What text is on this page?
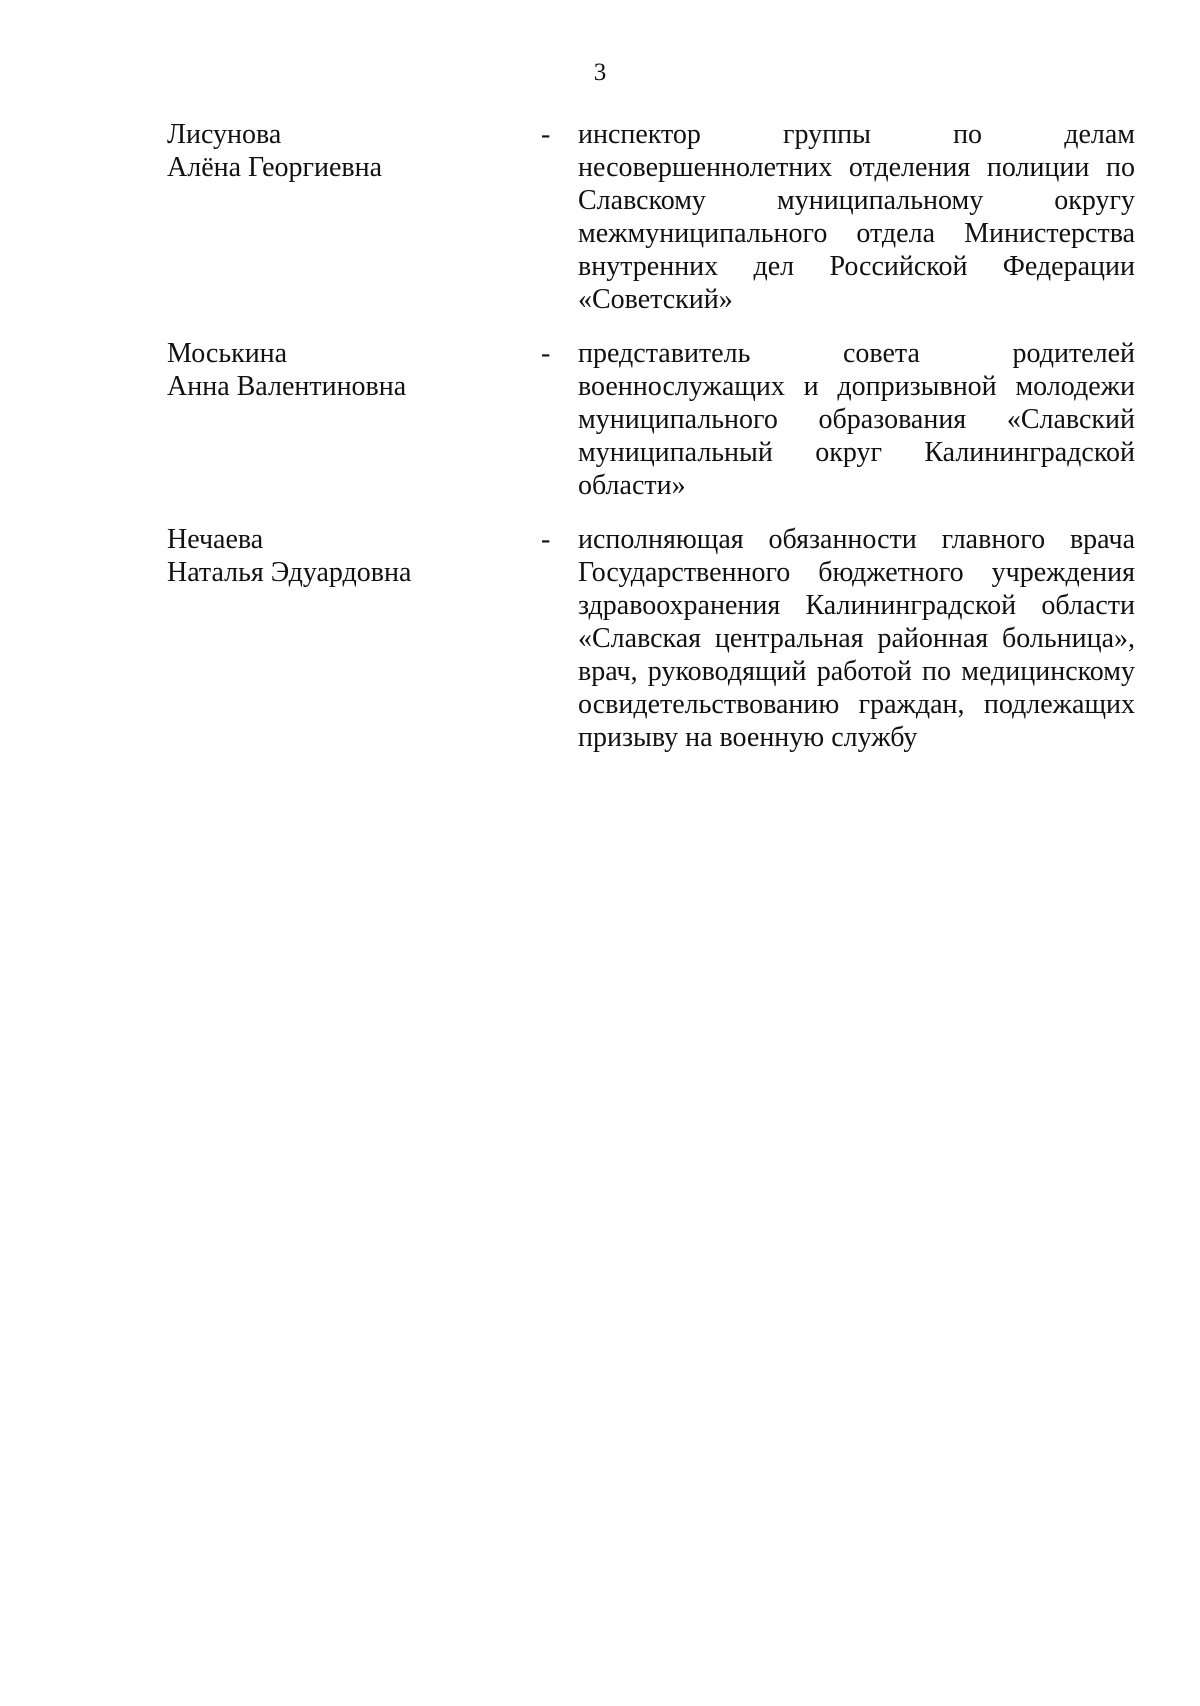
3
Лисунова
Алёна Георгиевна
- инспектор группы по делам несовершеннолетних отделения полиции по Славскому муниципальному округу межмуниципального отдела Министерства внутренних дел Российской Федерации «Советский»
Моськина
Анна Валентиновна
- представитель совета родителей военнослужащих и допризывной молодежи муниципального образования «Славский муниципальный округ Калининградской области»
Нечаева
Наталья Эдуардовна
- исполняющая обязанности главного врача Государственного бюджетного учреждения здравоохранения Калининградской области «Славская центральная районная больница», врач, руководящий работой по медицинскому освидетельствованию граждан, подлежащих призыву на военную службу
